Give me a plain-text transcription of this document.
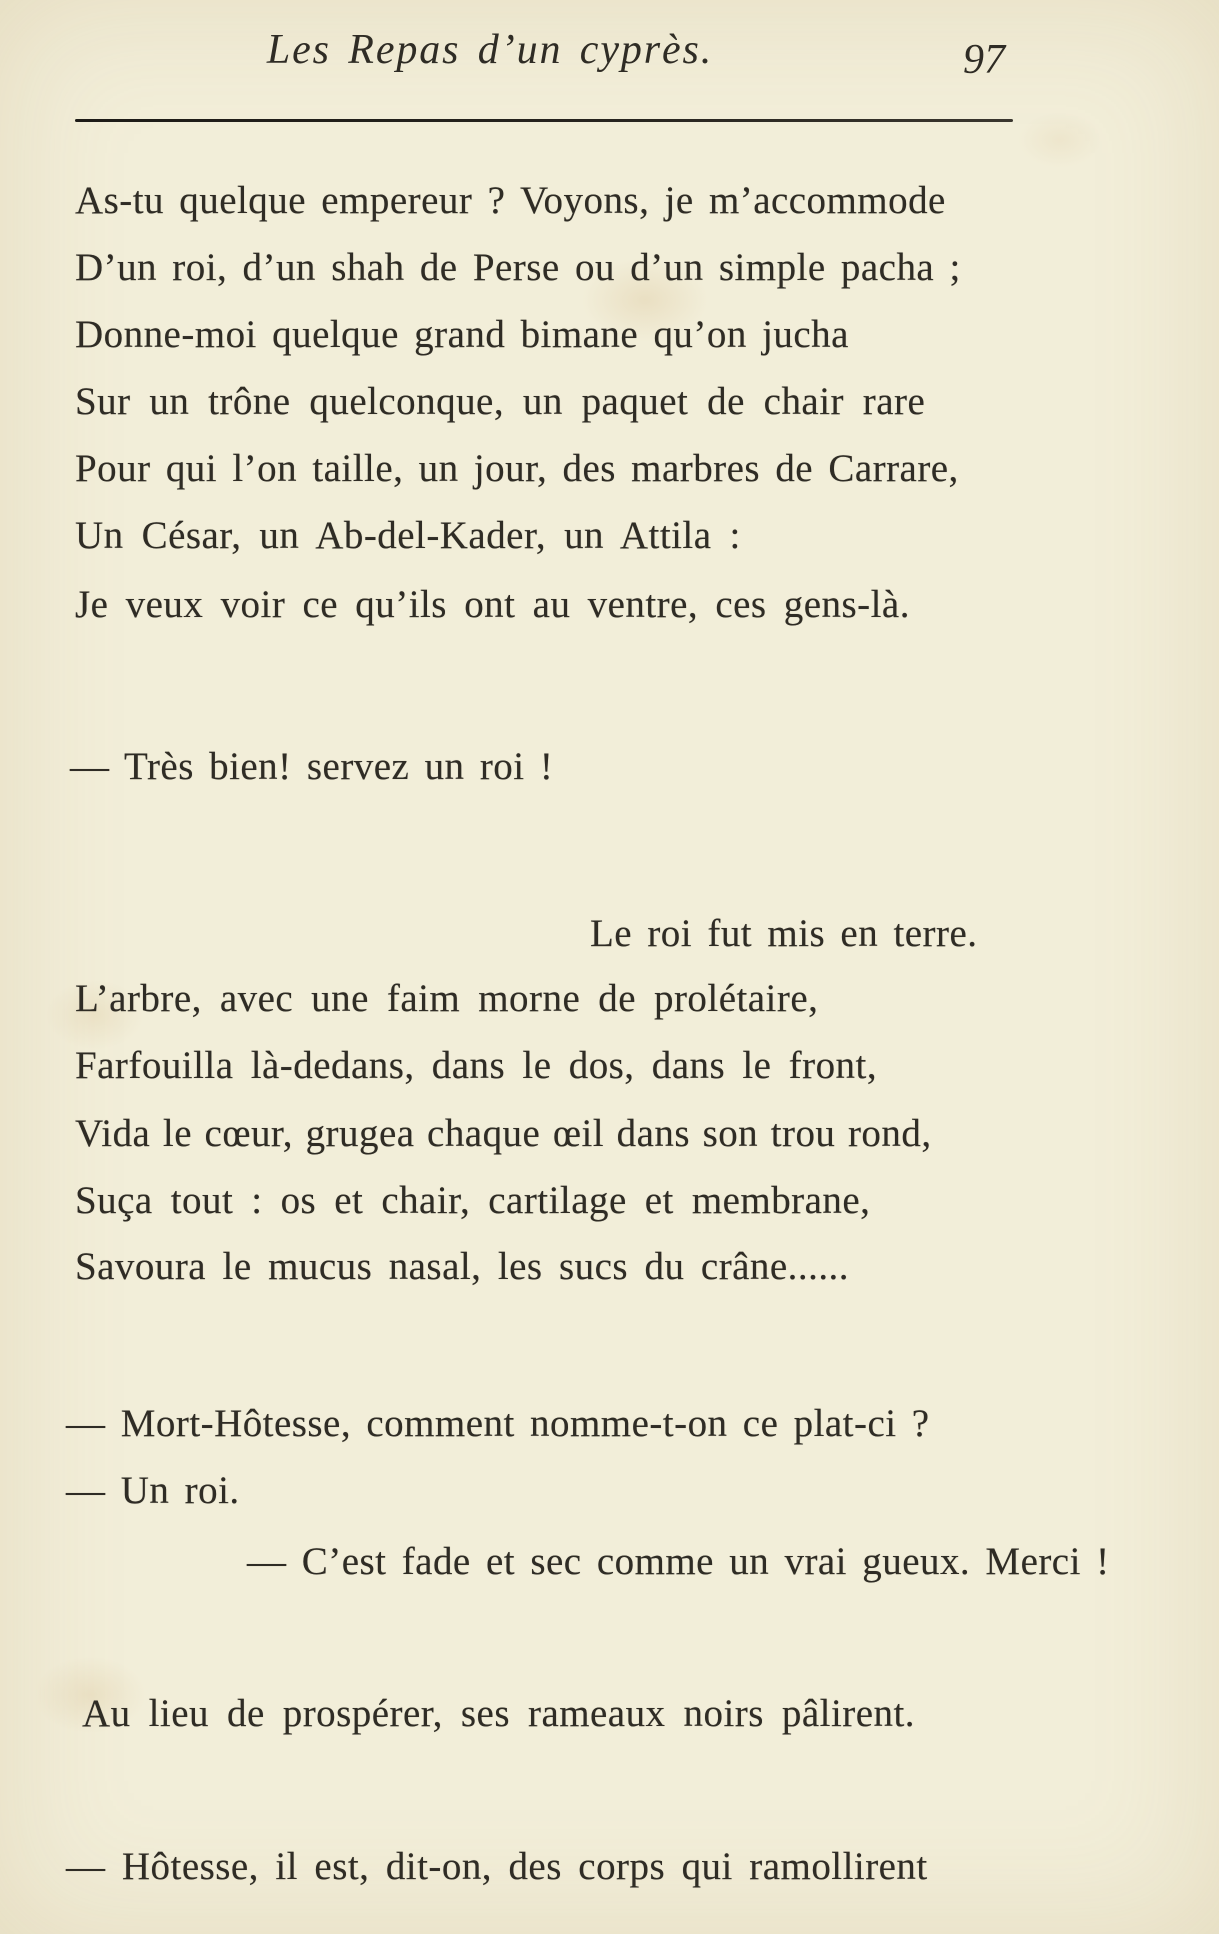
Les Repas d’un cyprès.	97
As-tu quelque empereur ? Voyons, je m’accommode
D’un roi, d’un shah de Perse ou d’un simple pacha ;
Donne-moi quelque grand bimane qu’on jucha
Sur un trône quelconque, un paquet de chair rare
Pour qui l’on taille, un jour, des marbres de Carrare,
Un César, un Ab-del-Kader, un Attila :
Je veux voir ce qu’ils ont au ventre, ces gens-là.
— Très bien! servez un roi !
Le roi fut mis en terre.
L’arbre, avec une faim morne de prolétaire,
Farfouilla là-dedans, dans le dos, dans le front,
Vida le cœur, grugea chaque œil dans son trou rond,
Suça tout : os et chair, cartilage et membrane,
Savoura le mucus nasal, les sucs du crâne......
— Mort-Hôtesse, comment nomme-t-on ce plat-ci ?
— Un roi.
— C’est fade et sec comme un vrai gueux. Merci !
Au lieu de prospérer, ses rameaux noirs pâlirent.
— Hôtesse, il est, dit-on, des corps qui ramollirent
